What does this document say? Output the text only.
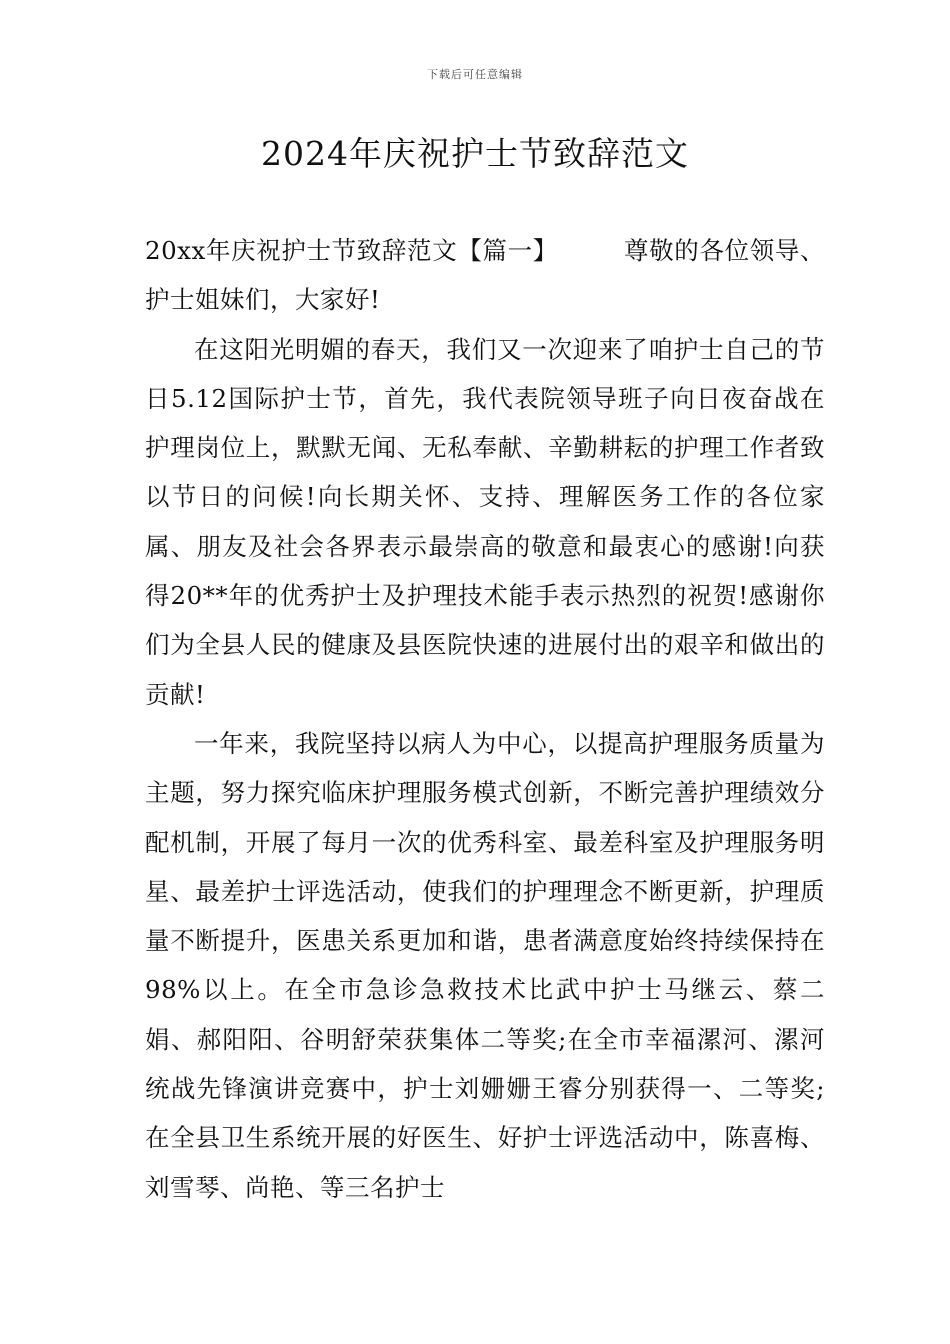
下载后可任意编辑
2024年庆祝护士节致辞范文

20xx年庆祝护士节致辞范文【篇一】	尊敬的各位领导、护士姐妹们，大家好!

在这阳光明媚的春天，我们又一次迎来了咱护士自己的节日5.12国际护士节，首先，我代表院领导班子向日夜奋战在护理岗位上，默默无闻、无私奉献、辛勤耕耘的护理工作者致以节日的问候!向长期关怀、支持、理解医务工作的各位家属、朋友及社会各界表示最崇高的敬意和最衷心的感谢!向获得20**年的优秀护士及护理技术能手表示热烈的祝贺!感谢你们为全县人民的健康及县医院快速的进展付出的艰辛和做出的贡献!

一年来，我院坚持以病人为中心，以提高护理服务质量为主题，努力探究临床护理服务模式创新，不断完善护理绩效分配机制，开展了每月一次的优秀科室、最差科室及护理服务明星、最差护士评选活动，使我们的护理理念不断更新，护理质量不断提升，医患关系更加和谐，患者满意度始终持续保持在98%以上。在全市急诊急救技术比武中护士马继云、蔡二娟、郝阳阳、谷明舒荣获集体二等奖;在全市幸福漯河、漯河统战先锋演讲竞赛中，护士刘姗姗王睿分别获得一、二等奖;在全县卫生系统开展的好医生、好护士评选活动中，陈喜梅、刘雪琴、尚艳、等三名护士
